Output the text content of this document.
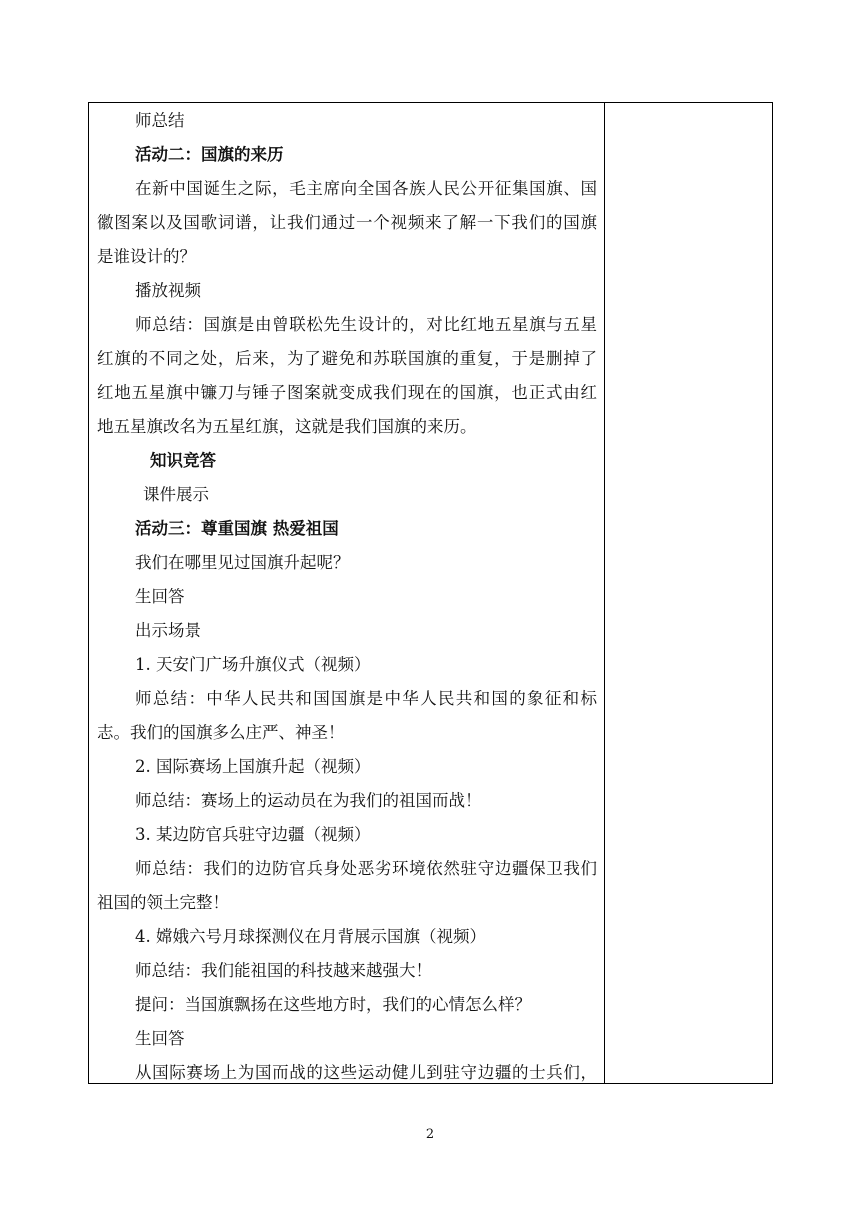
师总结
活动二：国旗的来历
在新中国诞生之际，毛主席向全国各族人民公开征集国旗、国
徽图案以及国歌词谱，让我们通过一个视频来了解一下我们的国旗
是谁设计的？
播放视频
师总结：国旗是由曾联松先生设计的，对比红地五星旗与五星
红旗的不同之处，后来，为了避免和苏联国旗的重复，于是删掉了
红地五星旗中镰刀与锤子图案就变成我们现在的国旗，也正式由红
地五星旗改名为五星红旗，这就是我们国旗的来历。
知识竞答
课件展示
活动三：尊重国旗 热爱祖国
我们在哪里见过国旗升起呢？
生回答
出示场景
1. 天安门广场升旗仪式（视频）
师总结：中华人民共和国国旗是中华人民共和国的象征和标
志。我们的国旗多么庄严、神圣！
2. 国际赛场上国旗升起（视频）
师总结：赛场上的运动员在为我们的祖国而战！
3. 某边防官兵驻守边疆（视频）
师总结：我们的边防官兵身处恶劣环境依然驻守边疆保卫我们
祖国的领土完整！
4. 嫦娥六号月球探测仪在月背展示国旗（视频）
师总结：我们能祖国的科技越来越强大！
提问：当国旗飘扬在这些地方时，我们的心情怎么样？
生回答
从国际赛场上为国而战的这些运动健儿到驻守边疆的士兵们，
2
